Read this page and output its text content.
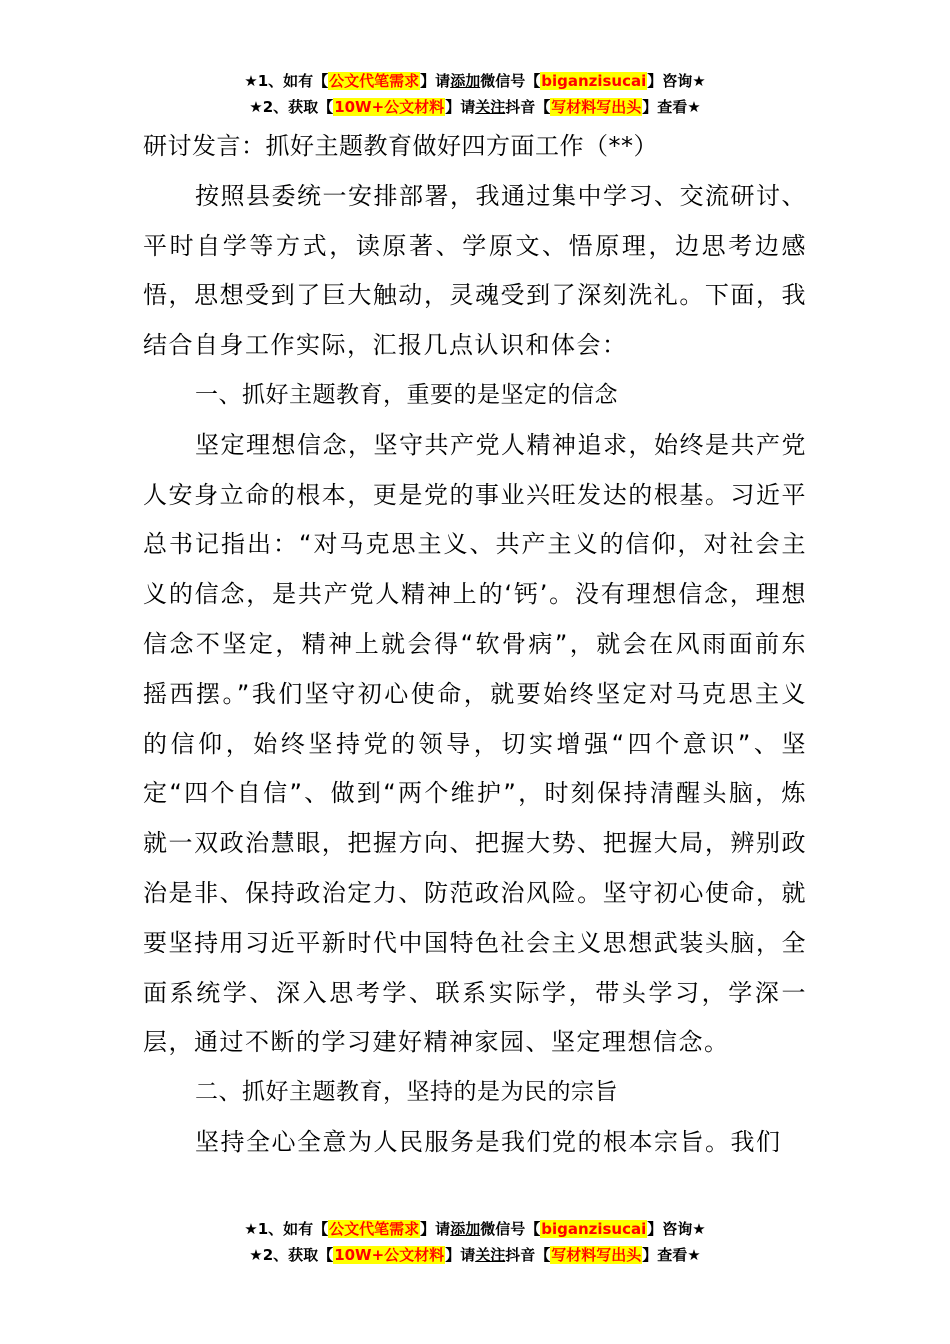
★1、如有【公文代笔需求】请添加微信号【biganzisucai】咨询★
★2、获取【10W+公文材料】请关注抖音【写材料写出头】查看★

研讨发言：抓好主题教育做好四方面工作（**）

按照县委统一安排部署，我通过集中学习、交流研讨、平时自学等方式，读原著、学原文、悟原理，边思考边感悟，思想受到了巨大触动，灵魂受到了深刻洗礼。下面，我结合自身工作实际，汇报几点认识和体会：

一、抓好主题教育，重要的是坚定的信念

坚定理想信念，坚守共产党人精神追求，始终是共产党人安身立命的根本，更是党的事业兴旺发达的根基。习近平总书记指出：“对马克思主义、共产主义的信仰，对社会主义的信念，是共产党人精神上的‘钙’。没有理想信念，理想信念不坚定，精神上就会得“软骨病”，就会在风雨面前东摇西摆。”我们坚守初心使命，就要始终坚定对马克思主义的信仰，始终坚持党的领导，切实增强“四个意识”、坚定“四个自信”、做到“两个维护”，时刻保持清醒头脑，炼就一双政治慧眼，把握方向、把握大势、把握大局，辨别政治是非、保持政治定力、防范政治风险。坚守初心使命，就要坚持用习近平新时代中国特色社会主义思想武装头脑，全面系统学、深入思考学、联系实际学，带头学习，学深一层，通过不断的学习建好精神家园、坚定理想信念。

二、抓好主题教育，坚持的是为民的宗旨

坚持全心全意为人民服务是我们党的根本宗旨。我们

★1、如有【公文代笔需求】请添加微信号【biganzisucai】咨询★
★2、获取【10W+公文材料】请关注抖音【写材料写出头】查看★
